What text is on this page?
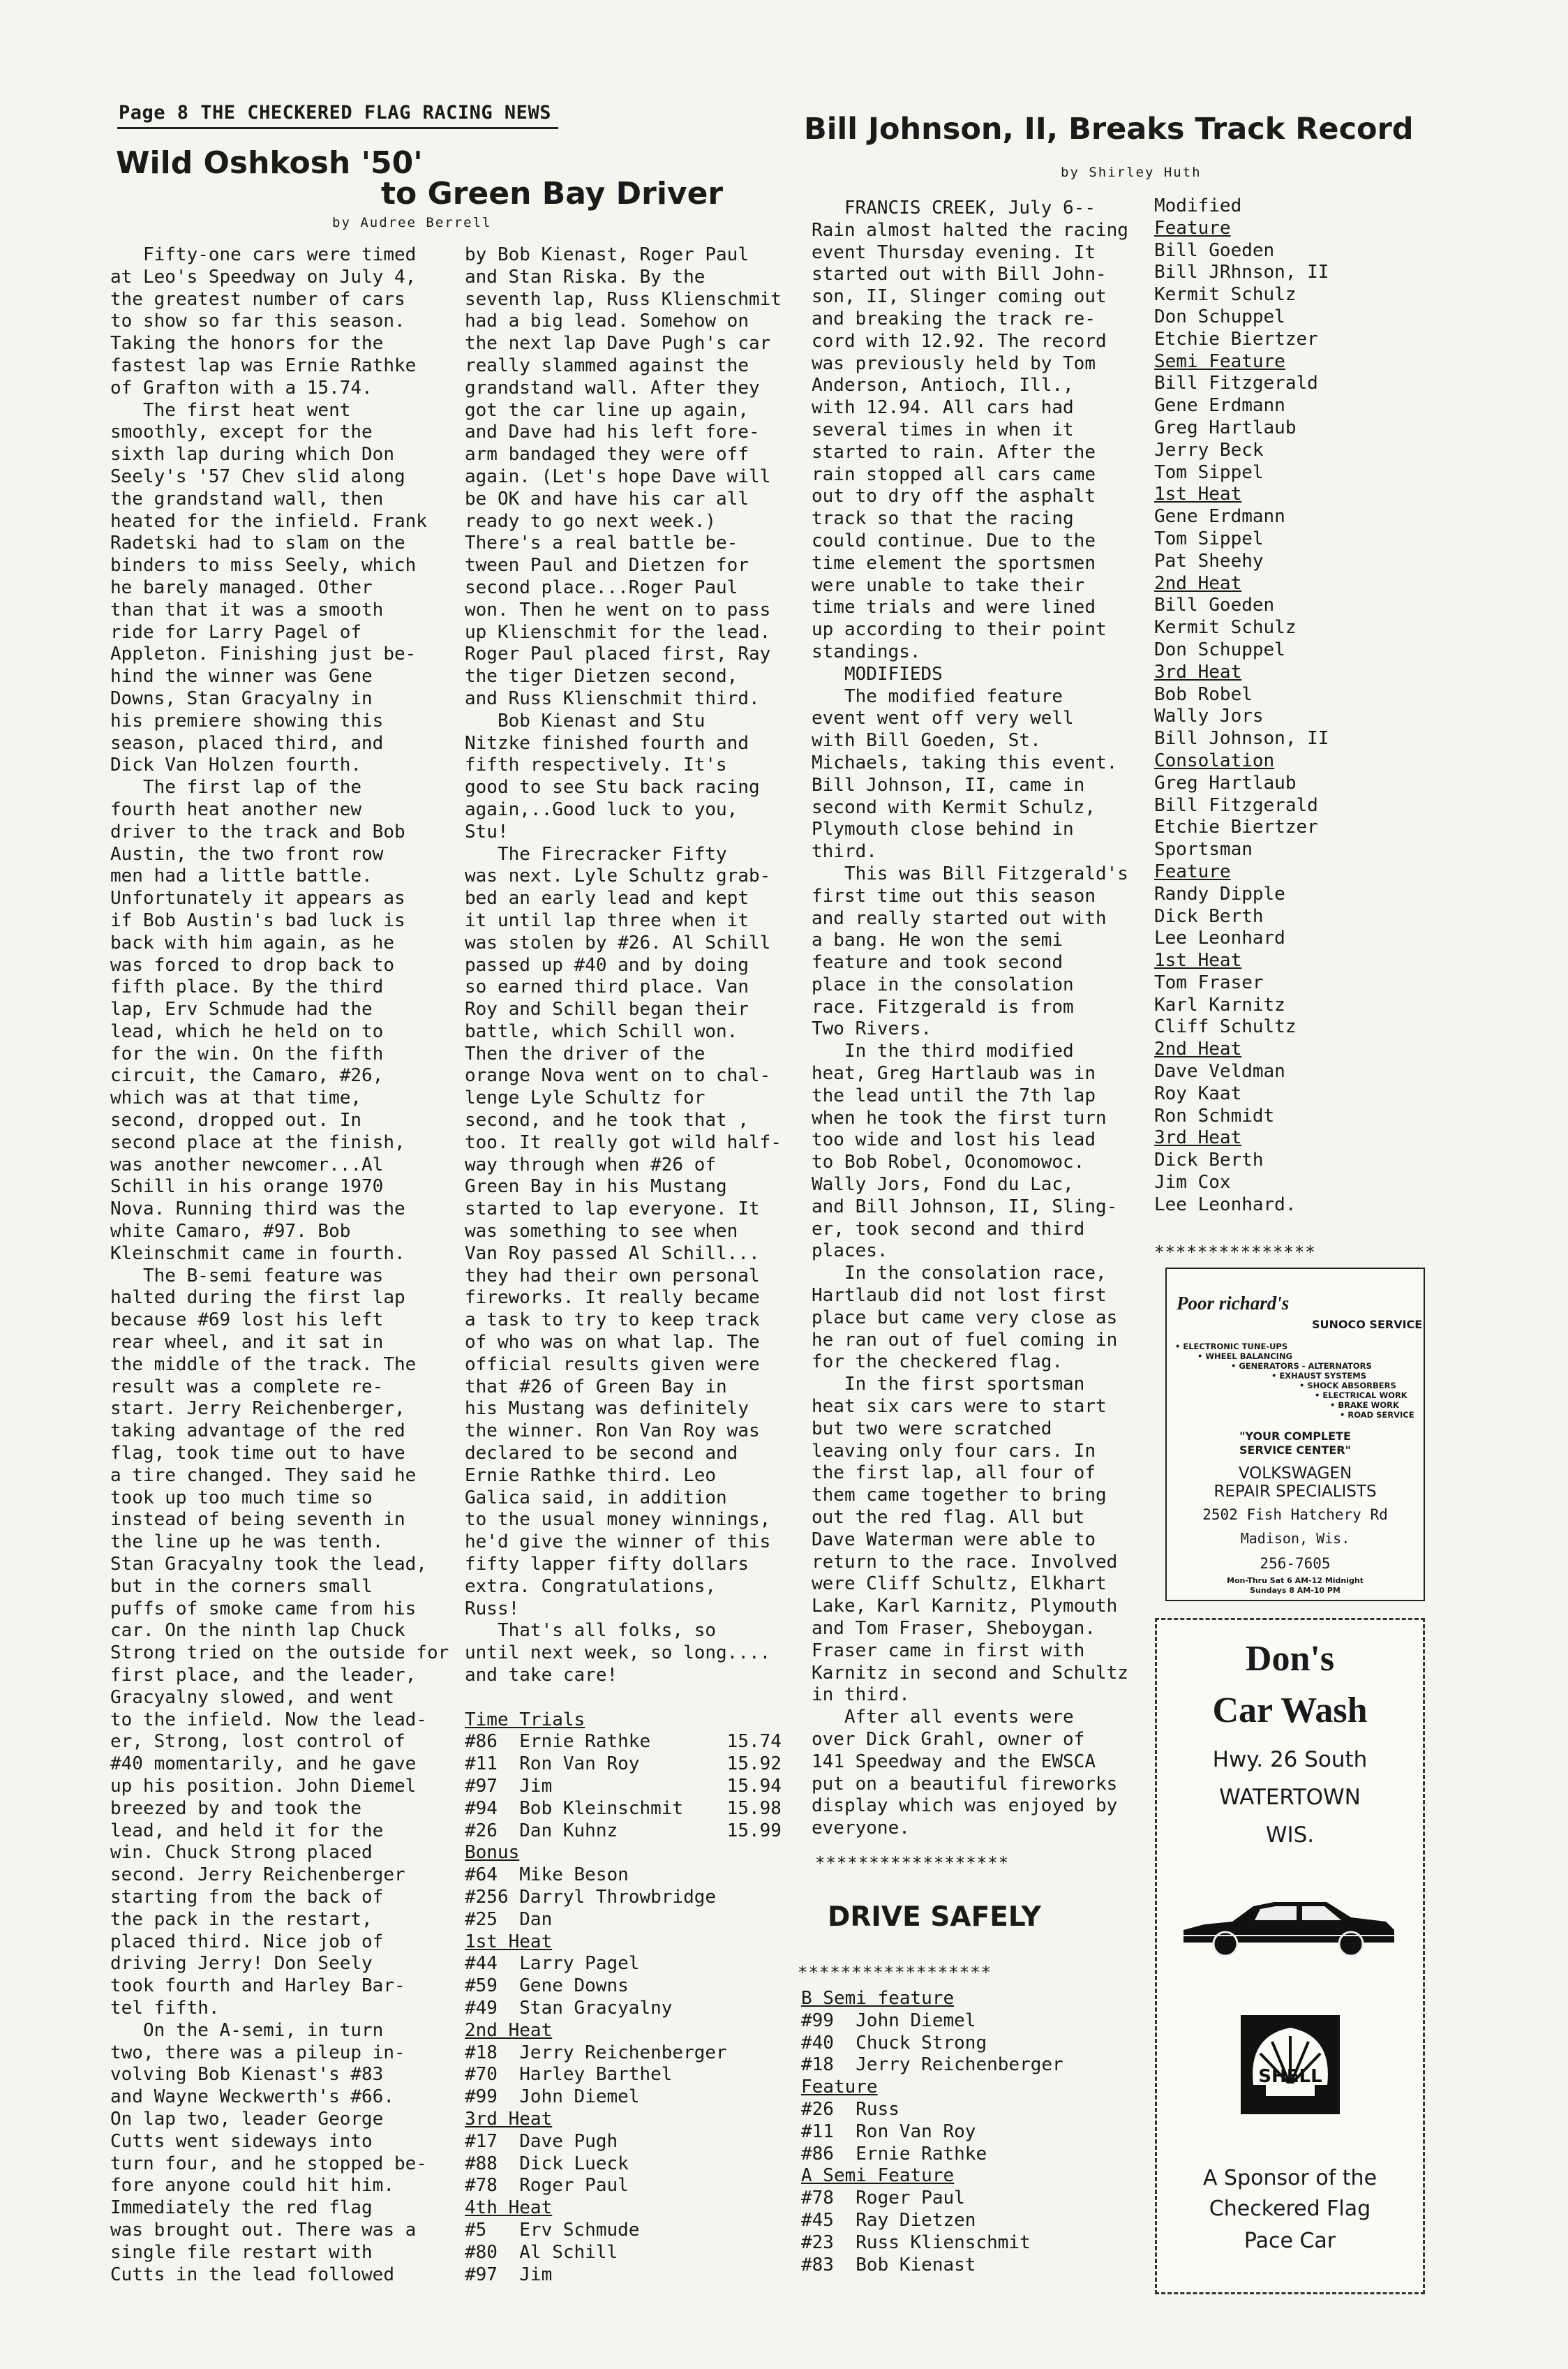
Page 8 THE CHECKERED FLAG RACING NEWS
Wild Oshkosh '50'
to Green Bay Driver
by Audree Berrell
Bill Johnson, II, Breaks Track Record
by Shirley Huth
Fifty-one cars were timed
at Leo's Speedway on July 4,
the greatest number of cars
to show so far this season.
Taking the honors for the
fastest lap was Ernie Rathke
of Grafton with a 15.74.
The first heat went
smoothly, except for the
sixth lap during which Don
Seely's '57 Chev slid along
the grandstand wall, then
heated for the infield. Frank
Radetski had to slam on the
binders to miss Seely, which
he barely managed. Other
than that it was a smooth
ride for Larry Pagel of
Appleton. Finishing just be-
hind the winner was Gene
Downs, Stan Gracyalny in
his premiere showing this
season, placed third, and
Dick Van Holzen fourth.
The first lap of the
fourth heat another new
driver to the track and Bob
Austin, the two front row
men had a little battle.
Unfortunately it appears as
if Bob Austin's bad luck is
back with him again, as he
was forced to drop back to
fifth place. By the third
lap, Erv Schmude had the
lead, which he held on to
for the win. On the fifth
circuit, the Camaro, #26,
which was at that time,
second, dropped out. In
second place at the finish,
was another newcomer...Al
Schill in his orange 1970
Nova. Running third was the
white Camaro, #97. Bob
Kleinschmit came in fourth.
The B-semi feature was
halted during the first lap
because #69 lost his left
rear wheel, and it sat in
the middle of the track. The
result was a complete re-
start. Jerry Reichenberger,
taking advantage of the red
flag, took time out to have
a tire changed. They said he
took up too much time so
instead of being seventh in
the line up he was tenth.
Stan Gracyalny took the lead,
but in the corners small
puffs of smoke came from his
car. On the ninth lap Chuck
Strong tried on the outside for
first place, and the leader,
Gracyalny slowed, and went
to the infield. Now the lead-
er, Strong, lost control of
#40 momentarily, and he gave
up his position. John Diemel
breezed by and took the
lead, and held it for the
win. Chuck Strong placed
second. Jerry Reichenberger
starting from the back of
the pack in the restart,
placed third. Nice job of
driving Jerry! Don Seely
took fourth and Harley Bar-
tel fifth.
On the A-semi, in turn
two, there was a pileup in-
volving Bob Kienast's #83
and Wayne Weckwerth's #66.
On lap two, leader George
Cutts went sideways into
turn four, and he stopped be-
fore anyone could hit him.
Immediately the red flag
was brought out. There was a
single file restart with
Cutts in the lead followed
by Bob Kienast, Roger Paul
and Stan Riska. By the
seventh lap, Russ Klienschmit
had a big lead. Somehow on
the next lap Dave Pugh's car
really slammed against the
grandstand wall. After they
got the car line up again,
and Dave had his left fore-
arm bandaged they were off
again. (Let's hope Dave will
be OK and have his car all
ready to go next week.)
There's a real battle be-
tween Paul and Dietzen for
second place...Roger Paul
won. Then he went on to pass
up Klienschmit for the lead.
Roger Paul placed first, Ray
the tiger Dietzen second,
and Russ Klienschmit third.
Bob Kienast and Stu
Nitzke finished fourth and
fifth respectively. It's
good to see Stu back racing
again,..Good luck to you,
Stu!
The Firecracker Fifty
was next. Lyle Schultz grab-
bed an early lead and kept
it until lap three when it
was stolen by #26. Al Schill
passed up #40 and by doing
so earned third place. Van
Roy and Schill began their
battle, which Schill won.
Then the driver of the
orange Nova went on to chal-
lenge Lyle Schultz for
second, and he took that ,
too. It really got wild half-
way through when #26 of
Green Bay in his Mustang
started to lap everyone. It
was something to see when
Van Roy passed Al Schill...
they had their own personal
fireworks. It really became
a task to try to keep track
of who was on what lap. The
official results given were
that #26 of Green Bay in
his Mustang was definitely
the winner. Ron Van Roy was
declared to be second and
Ernie Rathke third. Leo
Galica said, in addition
to the usual money winnings,
he'd give the winner of this
fifty lapper fifty dollars
extra. Congratulations,
Russ!
That's all folks, so
until next week, so long....
and take care!
Time Trials
#86  Ernie Rathke       15.74
#11  Ron Van Roy        15.92
#97  Jim                15.94
#94  Bob Kleinschmit    15.98
#26  Dan Kuhnz          15.99
Bonus
#64  Mike Beson
#256 Darryl Throwbridge
#25  Dan
1st Heat
#44  Larry Pagel
#59  Gene Downs
#49  Stan Gracyalny
2nd Heat
#18  Jerry Reichenberger
#70  Harley Barthel
#99  John Diemel
3rd Heat
#17  Dave Pugh
#88  Dick Lueck
#78  Roger Paul
4th Heat
#5   Erv Schmude
#80  Al Schill
#97  Jim
FRANCIS CREEK, July 6--
Rain almost halted the racing
event Thursday evening. It
started out with Bill John-
son, II, Slinger coming out
and breaking the track re-
cord with 12.92. The record
was previously held by Tom
Anderson, Antioch, Ill.,
with 12.94. All cars had
several times in when it
started to rain. After the
rain stopped all cars came
out to dry off the asphalt
track so that the racing
could continue. Due to the
time element the sportsmen
were unable to take their
time trials and were lined
up according to their point
standings.
MODIFIEDS
The modified feature
event went off very well
with Bill Goeden, St.
Michaels, taking this event.
Bill Johnson, II, came in
second with Kermit Schulz,
Plymouth close behind in
third.
This was Bill Fitzgerald's
first time out this season
and really started out with
a bang. He won the semi
feature and took second
place in the consolation
race. Fitzgerald is from
Two Rivers.
In the third modified
heat, Greg Hartlaub was in
the lead until the 7th lap
when he took the first turn
too wide and lost his lead
to Bob Robel, Oconomowoc.
Wally Jors, Fond du Lac,
and Bill Johnson, II, Sling-
er, took second and third
places.
In the consolation race,
Hartlaub did not lost first
place but came very close as
he ran out of fuel coming in
for the checkered flag.
In the first sportsman
heat six cars were to start
but two were scratched
leaving only four cars. In
the first lap, all four of
them came together to bring
out the red flag. All but
Dave Waterman were able to
return to the race. Involved
were Cliff Schultz, Elkhart
Lake, Karl Karnitz, Plymouth
and Tom Fraser, Sheboygan.
Fraser came in first with
Karnitz in second and Schultz
in third.
After all events were
over Dick Grahl, owner of
141 Speedway and the EWSCA
put on a beautiful fireworks
display which was enjoyed by
everyone.
Modified
Feature
Bill Goeden
Bill JRhnson, II
Kermit Schulz
Don Schuppel
Etchie Biertzer
Semi Feature
Bill Fitzgerald
Gene Erdmann
Greg Hartlaub
Jerry Beck
Tom Sippel
1st Heat
Gene Erdmann
Tom Sippel
Pat Sheehy
2nd Heat
Bill Goeden
Kermit Schulz
Don Schuppel
3rd Heat
Bob Robel
Wally Jors
Bill Johnson, II
Consolation
Greg Hartlaub
Bill Fitzgerald
Etchie Biertzer
Sportsman
Feature
Randy Dipple
Dick Berth
Lee Leonhard
1st Heat
Tom Fraser
Karl Karnitz
Cliff Schultz
2nd Heat
Dave Veldman
Roy Kaat
Ron Schmidt
3rd Heat
Dick Berth
Jim Cox
Lee Leonhard.
******************
DRIVE SAFELY
******************
***************
Poor richard's
SUNOCO SERVICE
• ELECTRONIC TUNE-UPS
• WHEEL BALANCING
• GENERATORS - ALTERNATORS
• EXHAUST SYSTEMS
• SHOCK ABSORBERS
• ELECTRICAL WORK
• BRAKE WORK
• ROAD SERVICE
"YOUR COMPLETE
SERVICE CENTER"
VOLKSWAGEN
REPAIR SPECIALISTS
2502 Fish Hatchery Rd
Madison, Wis.
256-7605
Mon-Thru Sat 6 AM-12 Midnight
Sundays 8 AM-10 PM
Don's
Car Wash
Hwy. 26 South
WATERTOWN
WIS.
SHELL
A Sponsor of the
Checkered Flag
Pace Car
B Semi feature
#99  John Diemel
#40  Chuck Strong
#18  Jerry Reichenberger
Feature
#26  Russ
#11  Ron Van Roy
#86  Ernie Rathke
A Semi Feature
#78  Roger Paul
#45  Ray Dietzen
#23  Russ Klienschmit
#83  Bob Kienast
